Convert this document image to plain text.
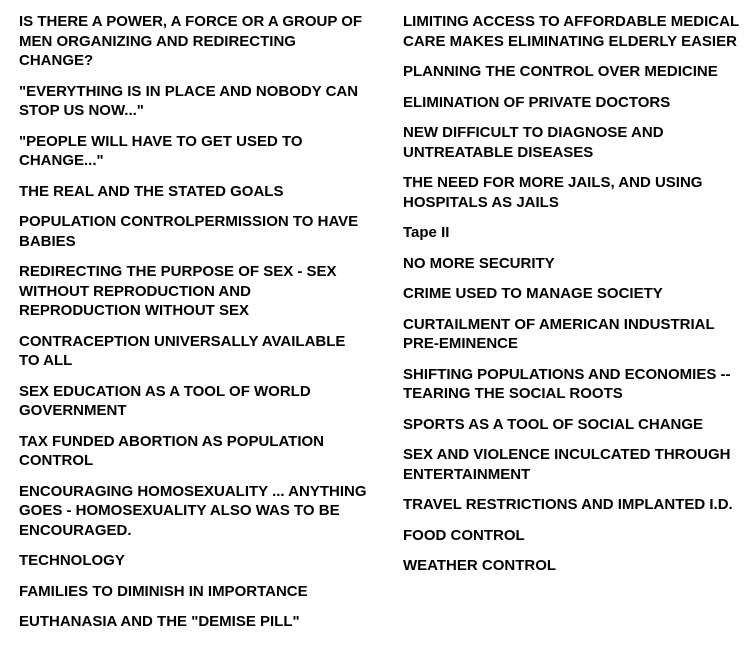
IS THERE A POWER, A FORCE OR A GROUP OF MEN ORGANIZING AND REDIRECTING CHANGE?

"EVERYTHING IS IN PLACE AND NOBODY CAN STOP US NOW..."

"PEOPLE WILL HAVE TO GET USED TO CHANGE..."

THE REAL AND THE STATED GOALS

POPULATION CONTROLPERMISSION TO HAVE BABIES

REDIRECTING THE PURPOSE OF SEX - SEX WITHOUT REPRODUCTION AND REPRODUCTION WITHOUT SEX

CONTRACEPTION UNIVERSALLY AVAILABLE TO ALL

SEX EDUCATION AS A TOOL OF WORLD GOVERNMENT

TAX FUNDED ABORTION AS POPULATION CONTROL

ENCOURAGING HOMOSEXUALITY ... ANYTHING GOES - HOMOSEXUALITY ALSO WAS TO BE ENCOURAGED.

TECHNOLOGY

FAMILIES TO DIMINISH IN IMPORTANCE

EUTHANASIA AND THE "DEMISE PILL"

LIMITING ACCESS TO AFFORDABLE MEDICAL CARE MAKES ELIMINATING ELDERLY EASIER

PLANNING THE CONTROL OVER MEDICINE

ELIMINATION OF PRIVATE DOCTORS

NEW DIFFICULT TO DIAGNOSE AND UNTREATABLE DISEASES

THE NEED FOR MORE JAILS, AND USING HOSPITALS AS JAILS

Tape II

NO MORE SECURITY

CRIME USED TO MANAGE SOCIETY

CURTAILMENT OF AMERICAN INDUSTRIAL PRE-EMINENCE

SHIFTING POPULATIONS AND ECONOMIES -- TEARING THE SOCIAL ROOTS

SPORTS AS A TOOL OF SOCIAL CHANGE

SEX AND VIOLENCE INCULCATED THROUGH ENTERTAINMENT

TRAVEL RESTRICTIONS AND IMPLANTED I.D.

FOOD CONTROL

WEATHER CONTROL
